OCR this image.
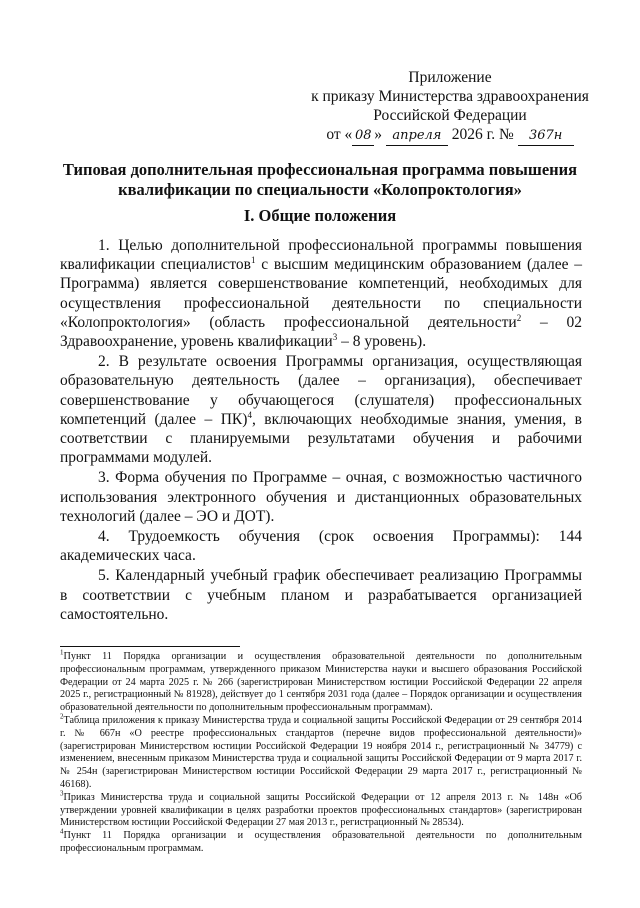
Приложение
к приказу Министерства здравоохранения
Российской Федерации
от « 08 » апреля 2026 г. № 367н
Типовая дополнительная профессиональная программа повышения квалификации по специальности «Колопроктология»
I. Общие положения

1. Целью дополнительной профессиональной программы повышения квалификации специалистов$^1$ с высшим медицинским образованием (далее – Программа) является совершенствование компетенций, необходимых для осуществления профессиональной деятельности по специальности «Колопроктология» (область профессиональной деятельности$^2$ – 02 Здравоохранение, уровень квалификации$^3$ – 8 уровень).

2. В результате освоения Программы организация, осуществляющая образовательную деятельность (далее – организация), обеспечивает совершенствование у обучающегося (слушателя) профессиональных компетенций (далее – ПК)$^4$, включающих необходимые знания, умения, в соответствии с планируемыми результатами обучения и рабочими программами модулей.

3. Форма обучения по Программе – очная, с возможностью частичного использования электронного обучения и дистанционных образовательных технологий (далее – ЭО и ДОТ).

4. Трудоемкость обучения (срок освоения Программы): 144 академических часа.

5. Календарный учебный график обеспечивает реализацию Программы в соответствии с учебным планом и разрабатывается организацией самостоятельно.

$^1$Пункт 11 Порядка организации и осуществления образовательной деятельности по дополнительным профессиональным программам, утвержденного приказом Министерства науки и высшего образования Российской Федерации от 24 марта 2025 г. № 266 (зарегистрирован Министерством юстиции Российской Федерации 22 апреля 2025 г., регистрационный № 81928), действует до 1 сентября 2031 года (далее – Порядок организации и осуществления образовательной деятельности по дополнительным профессиональным программам).

$^2$Таблица приложения к приказу Министерства труда и социальной защиты Российской Федерации от 29 сентября 2014 г. № 667н «О реестре профессиональных стандартов (перечне видов профессиональной деятельности)» (зарегистрирован Министерством юстиции Российской Федерации 19 ноября 2014 г., регистрационный № 34779) с изменением, внесенным приказом Министерства труда и социальной защиты Российской Федерации от 9 марта 2017 г. № 254н (зарегистрирован Министерством юстиции Российской Федерации 29 марта 2017 г., регистрационный № 46168).

$^3$Приказ Министерства труда и социальной защиты Российской Федерации от 12 апреля 2013 г. № 148н «Об утверждении уровней квалификации в целях разработки проектов профессиональных стандартов» (зарегистрирован Министерством юстиции Российской Федерации 27 мая 2013 г., регистрационный № 28534).

$^4$Пункт 11 Порядка организации и осуществления образовательной деятельности по дополнительным профессиональным программам.
